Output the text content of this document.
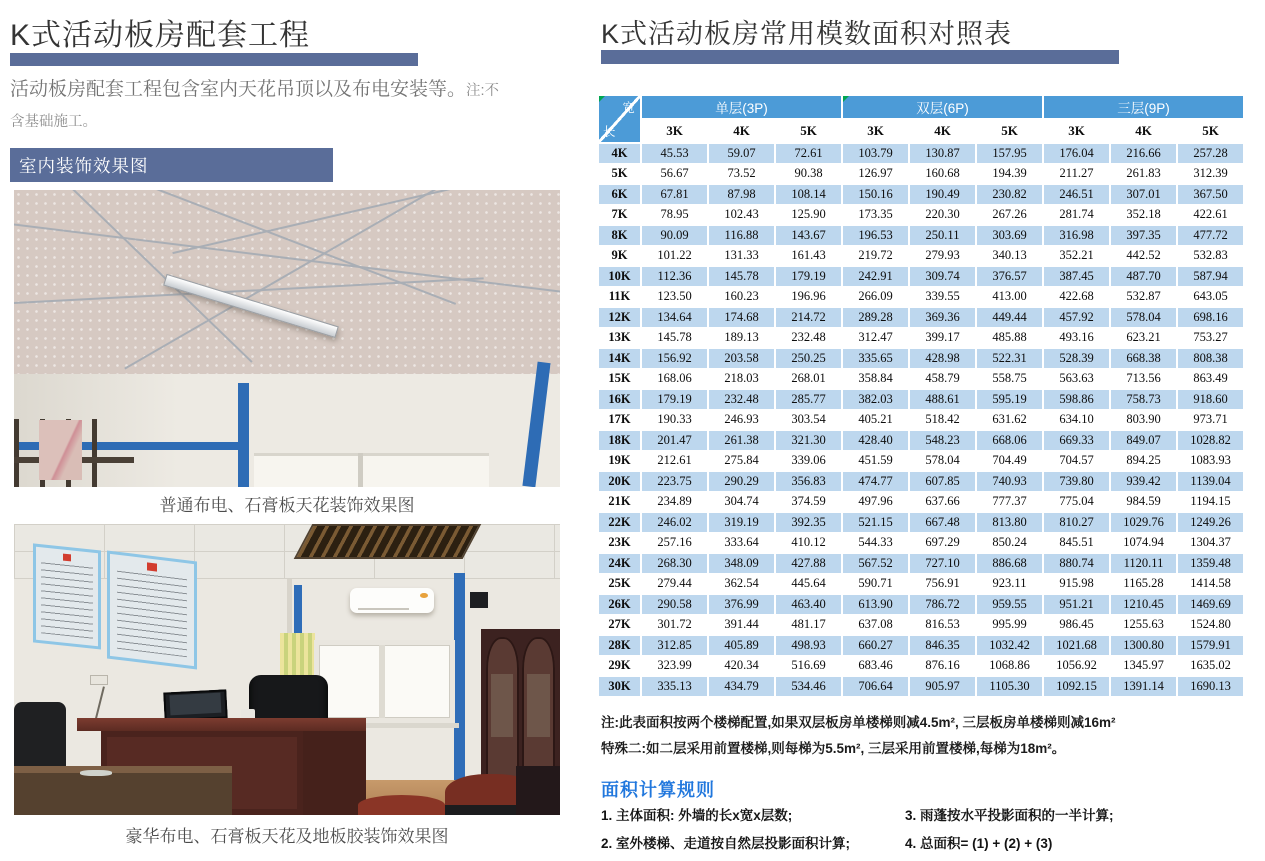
K式活动板房配套工程

活动板房配套工程包含室内天花吊顶以及布电安装等。注:不含基础施工。

室内装饰效果图
普通布电、石膏板天花装饰效果图
豪华布电、石膏板天花及地板胶装饰效果图
K式活动板房常用模数面积对照表
宽
长
单层(3P)	双层(6P)	三层(9P)
3K	4K	5K	3K	4K	5K	3K	4K	5K
4K	45.53	59.07	72.61	103.79	130.87	157.95	176.04	216.66	257.28
5K	56.67	73.52	90.38	126.97	160.68	194.39	211.27	261.83	312.39
6K	67.81	87.98	108.14	150.16	190.49	230.82	246.51	307.01	367.50
7K	78.95	102.43	125.90	173.35	220.30	267.26	281.74	352.18	422.61
8K	90.09	116.88	143.67	196.53	250.11	303.69	316.98	397.35	477.72
9K	101.22	131.33	161.43	219.72	279.93	340.13	352.21	442.52	532.83
10K	112.36	145.78	179.19	242.91	309.74	376.57	387.45	487.70	587.94
11K	123.50	160.23	196.96	266.09	339.55	413.00	422.68	532.87	643.05
12K	134.64	174.68	214.72	289.28	369.36	449.44	457.92	578.04	698.16
13K	145.78	189.13	232.48	312.47	399.17	485.88	493.16	623.21	753.27
14K	156.92	203.58	250.25	335.65	428.98	522.31	528.39	668.38	808.38
15K	168.06	218.03	268.01	358.84	458.79	558.75	563.63	713.56	863.49
16K	179.19	232.48	285.77	382.03	488.61	595.19	598.86	758.73	918.60
17K	190.33	246.93	303.54	405.21	518.42	631.62	634.10	803.90	973.71
18K	201.47	261.38	321.30	428.40	548.23	668.06	669.33	849.07	1028.82
19K	212.61	275.84	339.06	451.59	578.04	704.49	704.57	894.25	1083.93
20K	223.75	290.29	356.83	474.77	607.85	740.93	739.80	939.42	1139.04
21K	234.89	304.74	374.59	497.96	637.66	777.37	775.04	984.59	1194.15
22K	246.02	319.19	392.35	521.15	667.48	813.80	810.27	1029.76	1249.26
23K	257.16	333.64	410.12	544.33	697.29	850.24	845.51	1074.94	1304.37
24K	268.30	348.09	427.88	567.52	727.10	886.68	880.74	1120.11	1359.48
25K	279.44	362.54	445.64	590.71	756.91	923.11	915.98	1165.28	1414.58
26K	290.58	376.99	463.40	613.90	786.72	959.55	951.21	1210.45	1469.69
27K	301.72	391.44	481.17	637.08	816.53	995.99	986.45	1255.63	1524.80
28K	312.85	405.89	498.93	660.27	846.35	1032.42	1021.68	1300.80	1579.91
29K	323.99	420.34	516.69	683.46	876.16	1068.86	1056.92	1345.97	1635.02
30K	335.13	434.79	534.46	706.64	905.97	1105.30	1092.15	1391.14	1690.13
注:此表面积按两个楼梯配置,如果双层板房单楼梯则减4.5m², 三层板房单楼梯则减16m²
特殊二:如二层采用前置楼梯,则每梯为5.5m², 三层采用前置楼梯,每梯为18m²。
面积计算规则
1. 主体面积: 外墙的长x宽x层数;
2. 室外楼梯、走道按自然层投影面积计算;
3. 雨蓬按水平投影面积的一半计算;
4. 总面积= (1) + (2) + (3)
